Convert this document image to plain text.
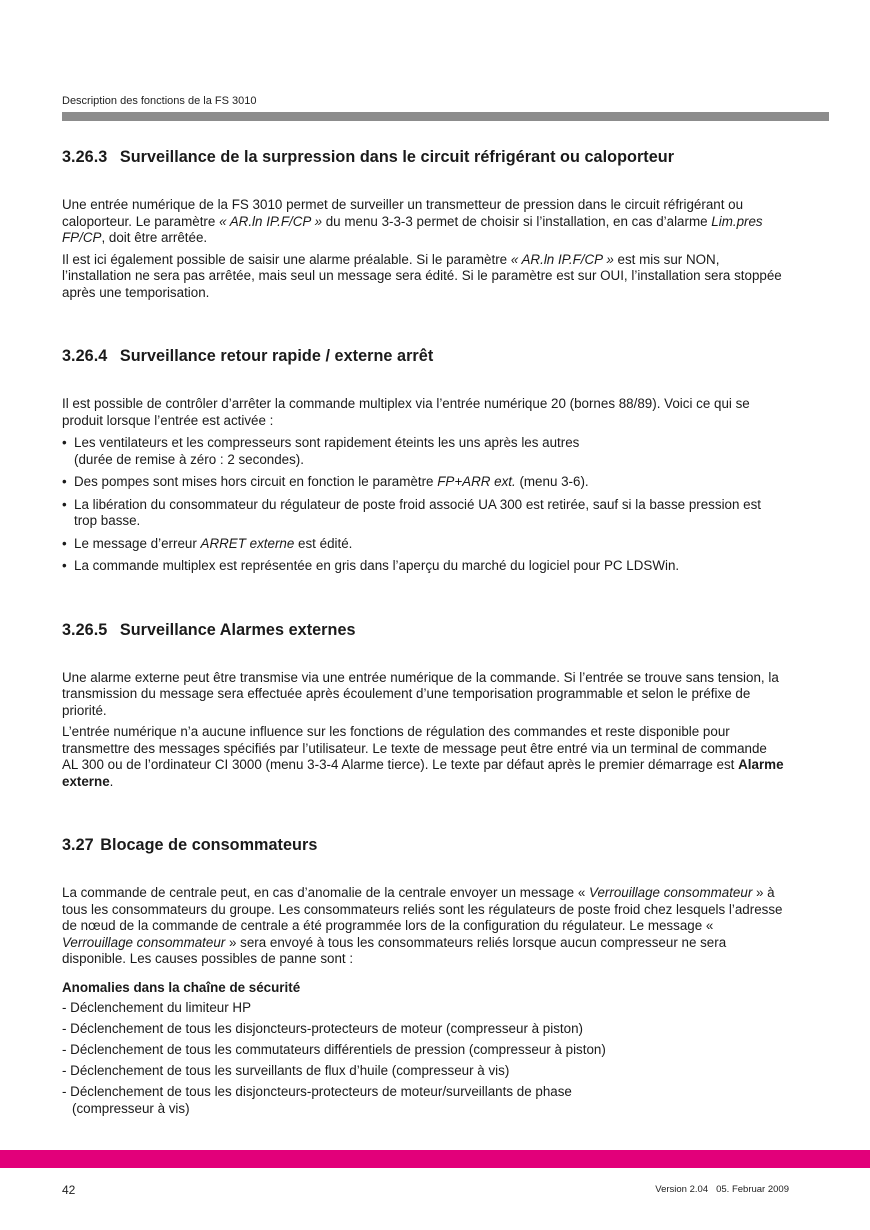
Description des fonctions de la FS 3010
3.26.3 Surveillance de la surpression dans le circuit réfrigérant ou caloporteur

Une entrée numérique de la FS 3010 permet de surveiller un transmetteur de pression dans le circuit réfrigérant ou caloporteur. Le paramètre « AR.ln IP.F/CP » du menu 3-3-3 permet de choisir si l’installation, en cas d’alarme Lim.pres FP/CP, doit être arrêtée.

Il est ici également possible de saisir une alarme préalable. Si le paramètre « AR.ln IP.F/CP » est mis sur NON, l’installation ne sera pas arrêtée, mais seul un message sera édité. Si le paramètre est sur OUI, l’installation sera stoppée après une temporisation.

3.26.4 Surveillance retour rapide / externe arrêt

Il est possible de contrôler d’arrêter la commande multiplex via l’entrée numérique 20 (bornes 88/89). Voici ce qui se produit lorsque l’entrée est activée :

• Les ventilateurs et les compresseurs sont rapidement éteints les uns après les autres
(durée de remise à zéro : 2 secondes).
• Des pompes sont mises hors circuit en fonction le paramètre FP+ARR ext. (menu 3-6).
• La libération du consommateur du régulateur de poste froid associé UA 300 est retirée, sauf si la basse pression est trop basse.
• Le message d’erreur ARRET externe est édité.
• La commande multiplex est représentée en gris dans l’aperçu du marché du logiciel pour PC LDSWin.
3.26.5 Surveillance Alarmes externes

Une alarme externe peut être transmise via une entrée numérique de la commande. Si l’entrée se trouve sans tension, la transmission du message sera effectuée après écoulement d’une temporisation programmable et selon le préfixe de priorité.

L’entrée numérique n’a aucune influence sur les fonctions de régulation des commandes et reste disponible pour transmettre des messages spécifiés par l’utilisateur. Le texte de message peut être entré via un terminal de commande AL 300 ou de l’ordinateur CI 3000 (menu 3-3-4 Alarme tierce). Le texte par défaut après le premier démarrage est Alarme externe.

3.27 Blocage de consommateurs

La commande de centrale peut, en cas d’anomalie de la centrale envoyer un message « Verrouillage consommateur » à tous les consommateurs du groupe. Les consommateurs reliés sont les régulateurs de poste froid chez lesquels l’adresse de nœud de la commande de centrale a été programmée lors de la configuration du régulateur. Le message « Verrouillage consommateur » sera envoyé à tous les consommateurs reliés lorsque aucun compresseur ne sera disponible. Les causes possibles de panne sont :

Anomalies dans la chaîne de sécurité
- Déclenchement du limiteur HP
- Déclenchement de tous les disjoncteurs-protecteurs de moteur (compresseur à piston)
- Déclenchement de tous les commutateurs différentiels de pression (compresseur à piston)
- Déclenchement de tous les surveillants de flux d’huile (compresseur à vis)
- Déclenchement de tous les disjoncteurs-protecteurs de moteur/surveillants de phase
(compresseur à vis)
42	Version 2.04 05. Februar 2009
